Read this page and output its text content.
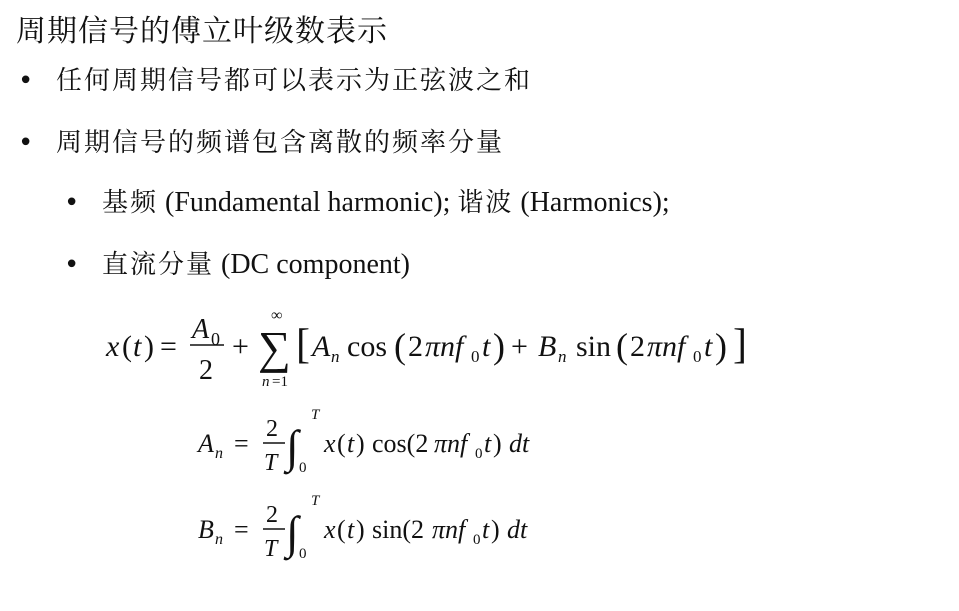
周期信号的傅立叶级数表示
• 任何周期信号都可以表示为正弦波之和
• 周期信号的频谱包含离散的频率分量
• 基频 (Fundamental harmonic); 谐波 (Harmonics);
• 直流分量 (DC component)
x ( t ) =
A 0
2
+ ∑
∞
n =1
[ A n cos ( 2 πnf 0 t ) + B n sin ( 2 πnf 0 t ) ]
A n = 2
T ∫
T
0
x ( t ) cos(2 πnf 0 t ) dt
B n = 2
T ∫
T
0
x ( t ) sin(2 πnf 0 t ) dt
